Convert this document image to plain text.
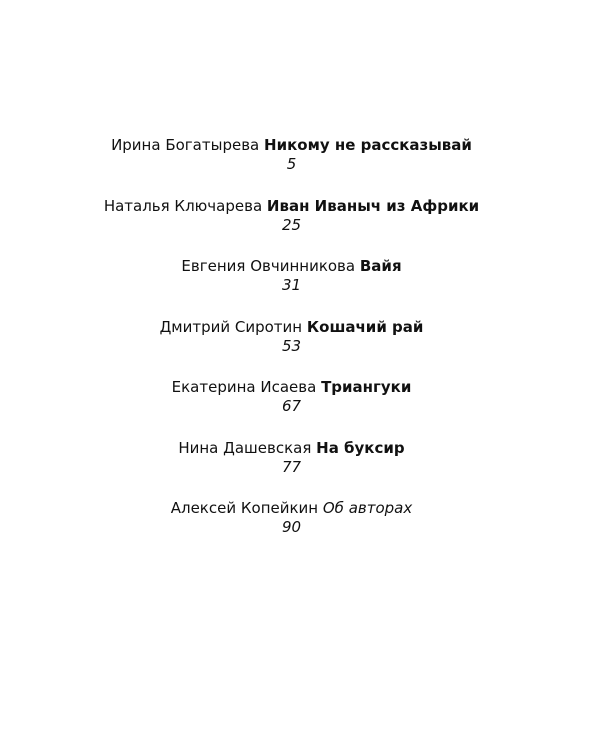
Ирина Богатырева Никому не рассказывай
5
Наталья Ключарева Иван Иваныч из Африки
25
Евгения Овчинникова Вайя
31
Дмитрий Сиротин Кошачий рай
53
Екатерина Исаева Триангуки
67
Нина Дашевская На буксир
77
Алексей Копейкин Об авторах
90
